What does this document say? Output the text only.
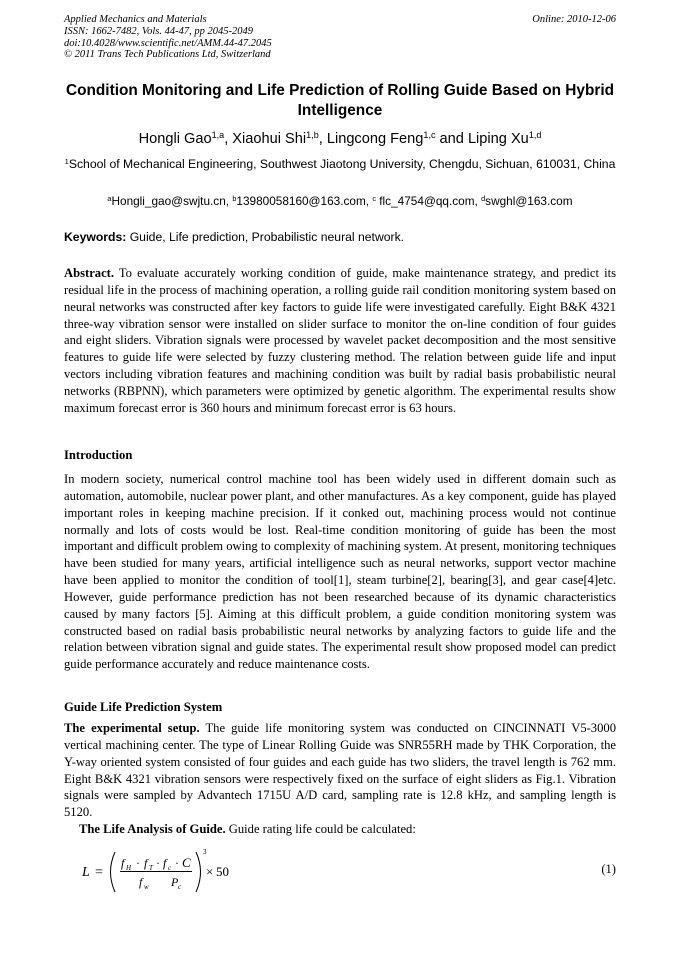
Applied Mechanics and Materials
ISSN: 1662-7482, Vols. 44-47, pp 2045-2049
doi:10.4028/www.scientific.net/AMM.44-47.2045
© 2011 Trans Tech Publications Ltd, Switzerland
Online: 2010-12-06
Condition Monitoring and Life Prediction of Rolling Guide Based on Hybrid Intelligence
Hongli Gao$^{1,a}$, Xiaohui Shi$^{1,b}$, Lingcong Feng$^{1,c}$ and Liping Xu$^{1,d}$
$^1$School of Mechanical Engineering, Southwest Jiaotong University, Chengdu, Sichuan, 610031, China
$^a$Hongli_gao@swjtu.cn, $^b$13980058160@163.com, $^c$ flc_4754@qq.com, $^d$swghl@163.com
Keywords: Guide, Life prediction, Probabilistic neural network.
Abstract. To evaluate accurately working condition of guide, make maintenance strategy, and predict its residual life in the process of machining operation, a rolling guide rail condition monitoring system based on neural networks was constructed after key factors to guide life were investigated carefully. Eight B&K 4321 three-way vibration sensor were installed on slider surface to monitor the on-line condition of four guides and eight sliders. Vibration signals were processed by wavelet packet decomposition and the most sensitive features to guide life were selected by fuzzy clustering method. The relation between guide life and input vectors including vibration features and machining condition was built by radial basis probabilistic neural networks (RBPNN), which parameters were optimized by genetic algorithm. The experimental results show maximum forecast error is 360 hours and minimum forecast error is 63 hours.
Introduction
In modern society, numerical control machine tool has been widely used in different domain such as automation, automobile, nuclear power plant, and other manufactures. As a key component, guide has played important roles in keeping machine precision. If it conked out, machining process would not continue normally and lots of costs would be lost. Real-time condition monitoring of guide has been the most important and difficult problem owing to complexity of machining system. At present, monitoring techniques have been studied for many years, artificial intelligence such as neural networks, support vector machine have been applied to monitor the condition of tool[1], steam turbine[2], bearing[3], and gear case[4]etc. However, guide performance prediction has not been researched because of its dynamic characteristics caused by many factors [5]. Aiming at this difficult problem, a guide condition monitoring system was constructed based on radial basis probabilistic neural networks by analyzing factors to guide life and the relation between vibration signal and guide states. The experimental result show proposed model can predict guide performance accurately and reduce maintenance costs.
Guide Life Prediction System
The experimental setup. The guide life monitoring system was conducted on CINCINNATI V5-3000 vertical machining center. The type of Linear Rolling Guide was SNR55RH made by THK Corporation, the Y-way oriented system consisted of four guides and each guide has two sliders, the travel length is 762 mm. Eight B&K 4321 vibration sensors were respectively fixed on the surface of eight sliders as Fig.1. Vibration signals were sampled by Advantech 1715U A/D card, sampling rate is 12.8 kHz, and sampling length is 5120.
The Life Analysis of Guide. Guide rating life could be calculated:
L =
f H · f T · f c · C
f w P c
3
× 50	(1)
